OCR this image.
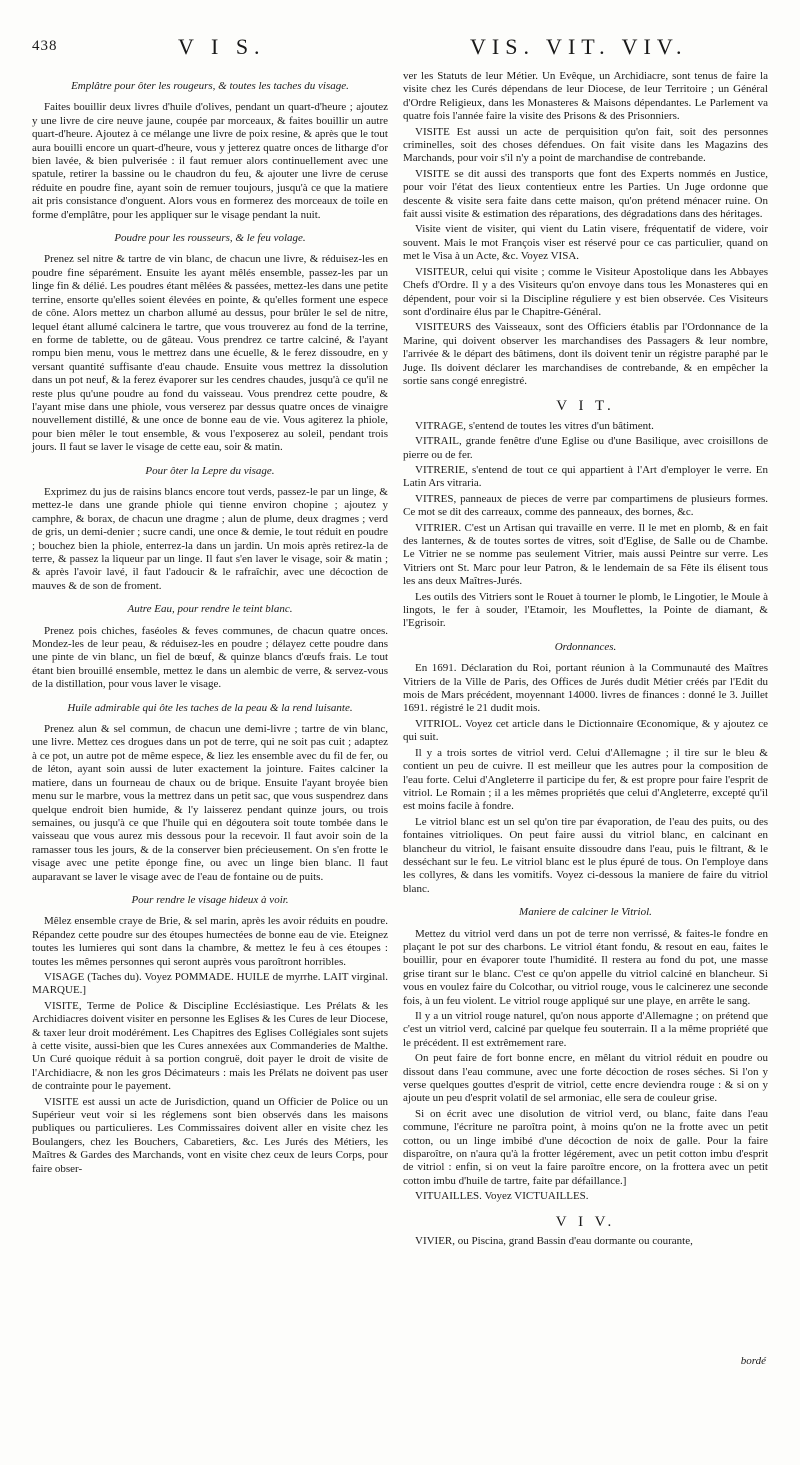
438	V I S.	VIS. VIT. VIV.
Emplâtre pour ôter les rougeurs, & toutes les taches du visage.

Faites bouillir deux livres d'huile d'olives, pendant un quart-d'heure ; ajoutez y une livre de cire neuve jaune, coupée par morceaux, & faites bouillir un autre quart-d'heure. Ajoutez à ce mélange une livre de poix resine, & après que le tout aura bouilli encore un quart-d'heure, vous y jetterez quatre onces de litharge d'or bien lavée, & bien pulverisée : il faut remuer alors continuellement avec une spatule, retirer la bassine ou le chaudron du feu, & ajouter une livre de ceruse réduite en poudre fine, ayant soin de remuer toujours, jusqu'à ce que la matiere ait pris consistance d'onguent. Alors vous en formerez des morceaux de toile en forme d'emplâtre, pour les appliquer sur le visage pendant la nuit.

Poudre pour les rousseurs, & le feu volage.

Prenez sel nitre & tartre de vin blanc, de chacun une livre, & réduisez-les en poudre fine séparément. Ensuite les ayant mêlés ensemble, passez-les par un linge fin & délié. Les poudres étant mêlées & passées, mettez-les dans une petite terrine, ensorte qu'elles soient élevées en pointe, & qu'elles forment une espece de cône. Alors mettez un charbon allumé au dessus, pour brûler le sel de nitre, lequel étant allumé calcinera le tartre, que vous trouverez au fond de la terrine, en forme de tablette, ou de gâteau. Vous prendrez ce tartre calciné, & l'ayant rompu bien menu, vous le mettrez dans une écuelle, & le ferez dissoudre, en y versant quantité suffisante d'eau chaude. Ensuite vous mettrez la dissolution dans un pot neuf, & la ferez évaporer sur les cendres chaudes, jusqu'à ce qu'il ne reste plus qu'une poudre au fond du vaisseau. Vous prendrez cette poudre, & l'ayant mise dans une phiole, vous verserez par dessus quatre onces de vinaigre nouvellement distillé, & une once de bonne eau de vie. Vous agiterez la phiole, pour bien mêler le tout ensemble, & vous l'exposerez au soleil, pendant trois jours. Il faut se laver le visage de cette eau, soir & matin.

Pour ôter la Lepre du visage.

Exprimez du jus de raisins blancs encore tout verds, passez-le par un linge, & mettez-le dans une grande phiole qui tienne environ chopine ; ajoutez y camphre, & borax, de chacun une dragme ; alun de plume, deux dragmes ; verd de gris, un demi-denier ; sucre candi, une once & demie, le tout réduit en poudre ; bouchez bien la phiole, enterrez-la dans un jardin. Un mois après retirez-la de terre, & passez la liqueur par un linge. Il faut s'en laver le visage, soir & matin ; & après l'avoir lavé, il faut l'adoucir & le rafraîchir, avec une décoction de mauves & de son de froment.

Autre Eau, pour rendre le teint blanc.

Prenez pois chiches, faséoles & feves communes, de chacun quatre onces. Mondez-les de leur peau, & réduisez-les en poudre ; délayez cette poudre dans une pinte de vin blanc, un fiel de bœuf, & quinze blancs d'œufs frais. Le tout étant bien brouillé ensemble, mettez le dans un alembic de verre, & servez-vous de la distillation, pour vous laver le visage.

Huile admirable qui ôte les taches de la peau & la rend luisante.

Prenez alun & sel commun, de chacun une demi-livre ; tartre de vin blanc, une livre. Mettez ces drogues dans un pot de terre, qui ne soit pas cuit ; adaptez à ce pot, un autre pot de même espece, & liez les ensemble avec du fil de fer, ou de léton, ayant soin aussi de luter exactement la jointure. Faites calciner la matiere, dans un fourneau de chaux ou de brique. Ensuite l'ayant broyée bien menu sur le marbre, vous la mettrez dans un petit sac, que vous suspendrez dans quelque endroit bien humide, & l'y laisserez pendant quinze jours, ou trois semaines, ou jusqu'à ce que l'huile qui en dégoutera soit toute tombée dans le vaisseau que vous aurez mis dessous pour la recevoir. Il faut avoir soin de la ramasser tous les jours, & de la conserver bien précieusement. On s'en frotte le visage avec une petite éponge fine, ou avec un linge bien blanc. Il faut auparavant se laver le visage avec de l'eau de fontaine ou de puits.

Pour rendre le visage hideux à voir.

Mêlez ensemble craye de Brie, & sel marin, après les avoir réduits en poudre. Répandez cette poudre sur des étoupes humectées de bonne eau de vie. Eteignez toutes les lumieres qui sont dans la chambre, & mettez le feu à ces étoupes : toutes les mêmes personnes qui seront auprès vous paroîtront horribles.

VISAGE (Taches du). Voyez POMMADE. HUILE de myrrhe. LAIT virginal. MARQUE.]

VISITE, Terme de Police & Discipline Ecclésiastique. Les Prélats & les Archidiacres doivent visiter en personne les Eglises & les Cures de leur Diocese, & taxer leur droit modérément. Les Chapitres des Eglises Collégiales sont sujets à cette visite, aussi-bien que les Cures annexées aux Commanderies de Malthe. Un Curé quoique réduit à sa portion congruë, doit payer le droit de visite de l'Archidiacre, & non les gros Décimateurs : mais les Prélats ne doivent pas user de contrainte pour le payement.

VISITE est aussi un acte de Jurisdiction, quand un Officier de Police ou un Supérieur veut voir si les réglemens sont bien observés dans les maisons publiques ou particulieres. Les Commissaires doivent aller en visite chez les Boulangers, chez les Bouchers, Cabaretiers, &c. Les Jurés des Métiers, les Maîtres & Gardes des Marchands, vont en visite chez ceux de leurs Corps, pour faire obser-

ver les Statuts de leur Métier. Un Evêque, un Archidiacre, sont tenus de faire la visite chez les Curés dépendans de leur Diocese, de leur Territoire ; un Général d'Ordre Religieux, dans les Monasteres & Maisons dépendantes. Le Parlement va quatre fois l'année faire la visite des Prisons & des Prisonniers.

VISITE Est aussi un acte de perquisition qu'on fait, soit des personnes criminelles, soit des choses défendues. On fait visite dans les Magazins des Marchands, pour voir s'il n'y a point de marchandise de contrebande.

VISITE se dit aussi des transports que font des Experts nommés en Justice, pour voir l'état des lieux contentieux entre les Parties. Un Juge ordonne que descente & visite sera faite dans cette maison, qu'on prétend ménacer ruine. On fait aussi visite & estimation des réparations, des dégradations dans des héritages.

Visite vient de visiter, qui vient du Latin visere, fréquentatif de videre, voir souvent. Mais le mot François viser est réservé pour ce cas particulier, quand on met le Visa à un Acte, &c. Voyez VISA.

VISITEUR, celui qui visite ; comme le Visiteur Apostolique dans les Abbayes Chefs d'Ordre. Il y a des Visiteurs qu'on envoye dans tous les Monasteres qui en dépendent, pour voir si la Discipline réguliere y est bien observée. Ces Visiteurs sont d'ordinaire élus par le Chapitre-Général.

VISITEURS des Vaisseaux, sont des Officiers établis par l'Ordonnance de la Marine, qui doivent observer les marchandises des Passagers & leur nombre, l'arrivée & le départ des bâtimens, dont ils doivent tenir un régistre paraphé par le Juge. Ils doivent déclarer les marchandises de contrebande, & en empêcher la sortie sans congé enregistré.

V I T.

VITRAGE, s'entend de toutes les vitres d'un bâtiment.

VITRAIL, grande fenêtre d'une Eglise ou d'une Basilique, avec croisillons de pierre ou de fer.

VITRERIE, s'entend de tout ce qui appartient à l'Art d'employer le verre. En Latin Ars vitraria.

VITRES, panneaux de pieces de verre par compartimens de plusieurs formes. Ce mot se dit des carreaux, comme des panneaux, des bornes, &c.

VITRIER. C'est un Artisan qui travaille en verre. Il le met en plomb, & en fait des lanternes, & de toutes sortes de vitres, soit d'Eglise, de Salle ou de Chambe. Le Vitrier ne se nomme pas seulement Vitrier, mais aussi Peintre sur verre. Les Vitriers ont St. Marc pour leur Patron, & le lendemain de sa Fête ils élisent tous les ans deux Maîtres-Jurés.

Les outils des Vitriers sont le Rouet à tourner le plomb, le Lingotier, le Moule à lingots, le fer à souder, l'Etamoir, les Mouflettes, la Pointe de diamant, & l'Egrisoir.

Ordonnances.

En 1691. Déclaration du Roi, portant réunion à la Communauté des Maîtres Vitriers de la Ville de Paris, des Offices de Jurés dudit Métier créés par l'Edit du mois de Mars précédent, moyennant 14000. livres de finances : donné le 3. Juillet 1691. régistré le 21 dudit mois.

VITRIOL. Voyez cet article dans le Dictionnaire Œconomique, & y ajoutez ce qui suit.

Il y a trois sortes de vitriol verd. Celui d'Allemagne ; il tire sur le bleu & contient un peu de cuivre. Il est meilleur que les autres pour la composition de l'eau forte. Celui d'Angleterre il participe du fer, & est propre pour faire l'esprit de vitriol. Le Romain ; il a les mêmes propriétés que celui d'Angleterre, excepté qu'il est moins facile à fondre.

Le vitriol blanc est un sel qu'on tire par évaporation, de l'eau des puits, ou des fontaines vitrioliques. On peut faire aussi du vitriol blanc, en calcinant en blancheur du vitriol, le faisant ensuite dissoudre dans l'eau, puis le filtrant, & le desséchant sur le feu. Le vitriol blanc est le plus épuré de tous. On l'employe dans les collyres, & dans les vomitifs. Voyez ci-dessous la maniere de faire du vitriol blanc.

Maniere de calciner le Vitriol.

Mettez du vitriol verd dans un pot de terre non verrissé, & faites-le fondre en plaçant le pot sur des charbons. Le vitriol étant fondu, & resout en eau, faites le bouillir, pour en évaporer toute l'humidité. Il restera au fond du pot, une masse grise tirant sur le blanc. C'est ce qu'on appelle du vitriol calciné en blancheur. Si vous en voulez faire du Colcothar, ou vitriol rouge, vous le calcinerez une seconde fois, à un feu violent. Le vitriol rouge appliqué sur une playe, en arrête le sang.

Il y a un vitriol rouge naturel, qu'on nous apporte d'Allemagne ; on prétend que c'est un vitriol verd, calciné par quelque feu souterrain. Il a la même propriété que le précédent. Il est extrêmement rare.

On peut faire de fort bonne encre, en mêlant du vitriol réduit en poudre ou dissout dans l'eau commune, avec une forte décoction de roses séches. Si l'on y verse quelques gouttes d'esprit de vitriol, cette encre deviendra rouge : & si on y ajoute un peu d'esprit volatil de sel armoniac, elle sera de couleur grise.

Si on écrit avec une disolution de vitriol verd, ou blanc, faite dans l'eau commune, l'écriture ne paroîtra point, à moins qu'on ne la frotte avec un petit cotton, ou un linge imbibé d'une décoction de noix de galle. Pour la faire disparoître, on n'aura qu'à la frotter légérement, avec un petit cotton imbu d'esprit de vitriol : enfin, si on veut la faire paroître encore, on la frottera avec un petit cotton imbu d'huile de tartre, faite par défaillance.]

VITUAILLES. Voyez VICTUAILLES.

V I V.

VIVIER, ou Piscina, grand Bassin d'eau dormante ou courante,

bordé
